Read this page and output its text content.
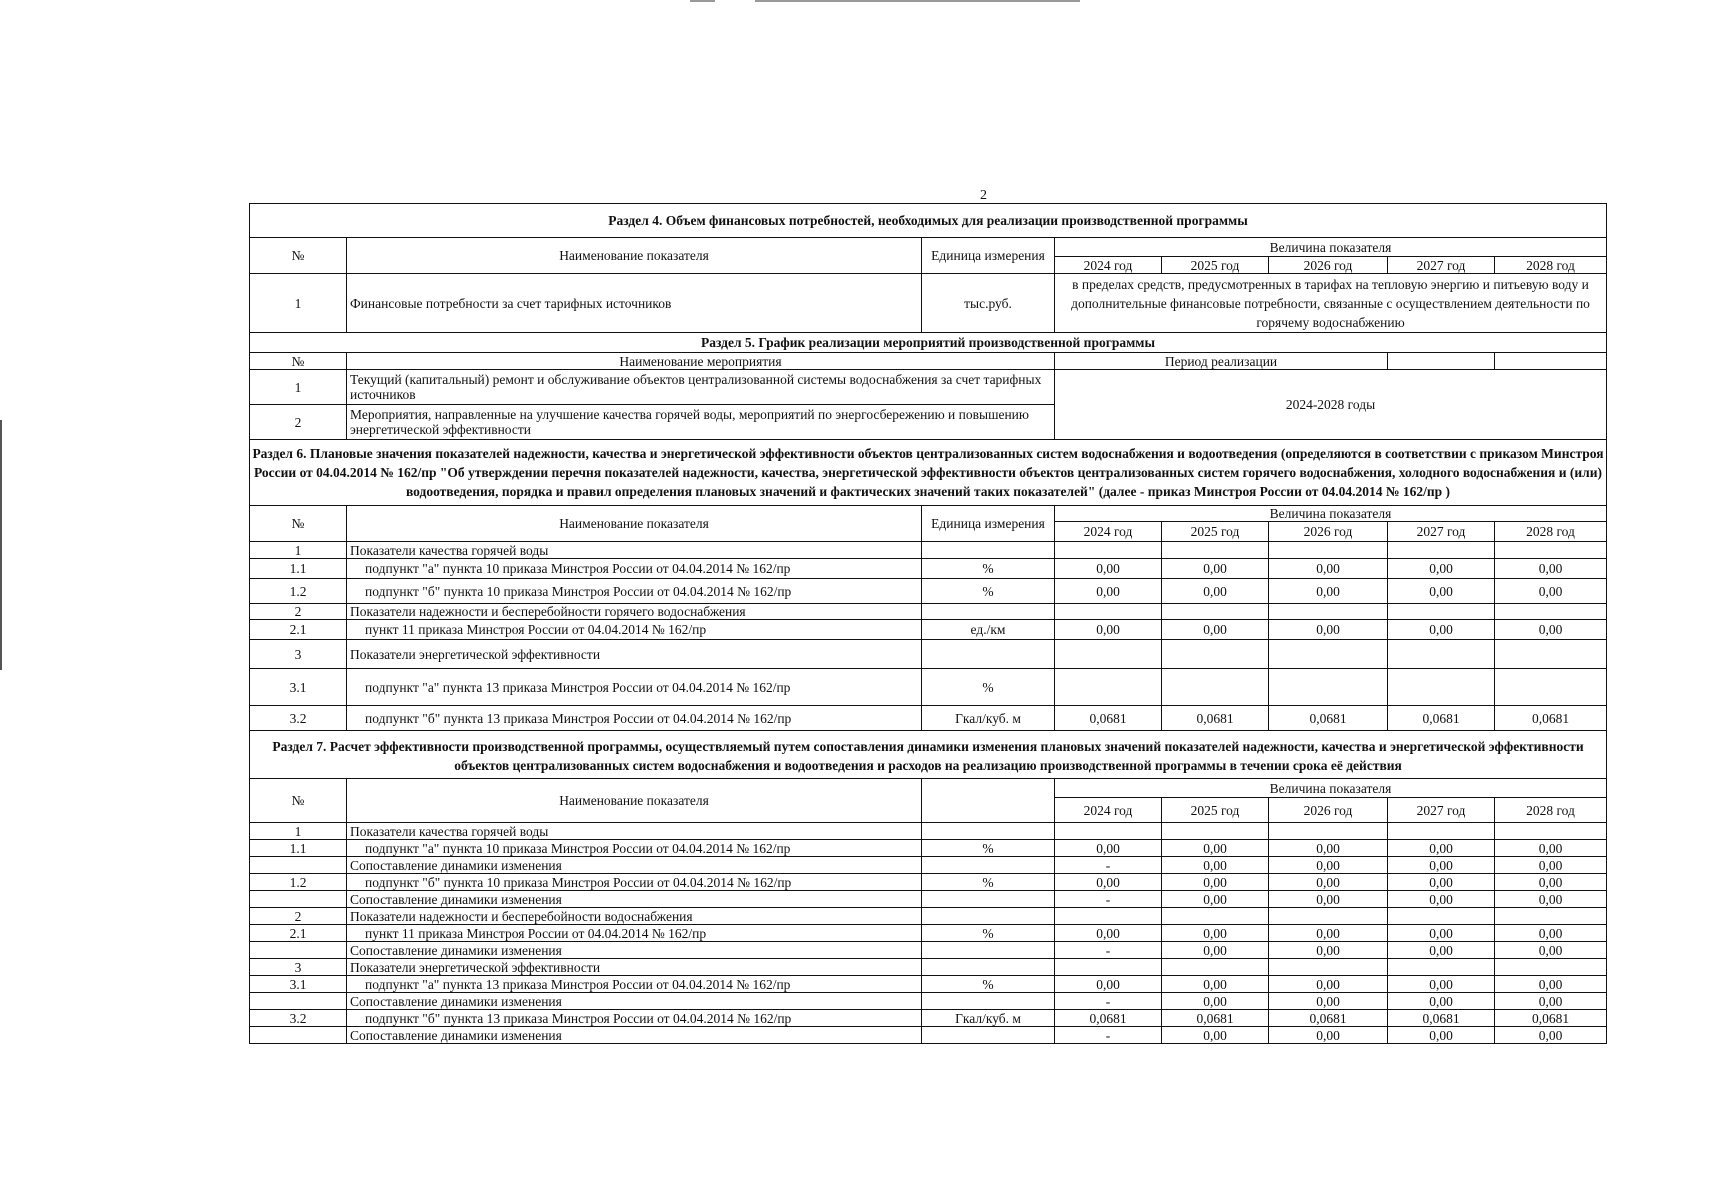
2
Раздел 4. Объем финансовых потребностей, необходимых для реализации производственной программы							
№	Наименование показателя	Единица измерения	Величина показателя				
			2024 год	2025 год	2026 год	2027 год	2028 год
1	Финансовые потребности за счет тарифных источников	тыс.руб.	в пределах средств, предусмотренных в тарифах на тепловую энергию и питьевую воду и дополнительные финансовые потребности, связанные с осуществлением деятельности по горячему водоснабжению				
Раздел 5. График реализации мероприятий производственной программы							
№	Наименование мероприятия		Период реализации				
1	Текущий (капитальный) ремонт и обслуживание объектов централизованной системы водоснабжения за счет тарифных источников		2024-2028 годы				
2	Мероприятия, направленные на улучшение качества горячей воды, мероприятий по энергосбережению и повышению энергетической эффективности						
Раздел 6. Плановые значения показателей надежности, качества и энергетической эффективности объектов централизованных систем водоснабжения и водоотведения (определяются в соответствии с приказом Минстроя России от 04.04.2014 № 162/пр "Об утверждении перечня показателей надежности, качества, энергетической эффективности объектов централизованных систем горячего водоснабжения, холодного водоснабжения и (или) водоотведения, порядка и правил определения плановых значений и фактических значений таких показателей" (далее - приказ Минстроя России от 04.04.2014 № 162/пр )							
№	Наименование показателя	Единица измерения	Величина показателя				
			2024 год	2025 год	2026 год	2027 год	2028 год
1	Показатели качества горячей воды						
1.1	подпункт "а" пункта 10 приказа Минстроя России от 04.04.2014 № 162/пр	%	0,00	0,00	0,00	0,00	0,00
1.2	подпункт "б" пункта 10 приказа Минстроя России от 04.04.2014 № 162/пр	%	0,00	0,00	0,00	0,00	0,00
2	Показатели надежности и бесперебойности горячего водоснабжения						
2.1	пункт 11 приказа Минстроя России от 04.04.2014 № 162/пр	ед./км	0,00	0,00	0,00	0,00	0,00
3	Показатели энергетической эффективности						
3.1	подпункт "а" пункта 13 приказа Минстроя России от 04.04.2014 № 162/пр	%					
3.2	подпункт "б" пункта 13 приказа Минстроя России от 04.04.2014 № 162/пр	Гкал/куб. м	0,0681	0,0681	0,0681	0,0681	0,0681
Раздел 7. Расчет эффективности производственной программы, осуществляемый путем сопоставления динамики изменения плановых значений показателей надежности, качества и энергетической эффективности объектов централизованных систем водоснабжения и водоотведения и расходов на реализацию производственной программы в течении срока её действия							
№	Наименование показателя		Величина показателя				
			2024 год	2025 год	2026 год	2027 год	2028 год
1	Показатели качества горячей воды						
1.1	подпункт "а" пункта 10 приказа Минстроя России от 04.04.2014 № 162/пр	%	0,00	0,00	0,00	0,00	0,00
	Сопоставление динамики изменения		-	0,00	0,00	0,00	0,00
1.2	подпункт "б" пункта 10 приказа Минстроя России от 04.04.2014 № 162/пр	%	0,00	0,00	0,00	0,00	0,00
	Сопоставление динамики изменения		-	0,00	0,00	0,00	0,00
2	Показатели надежности и бесперебойности водоснабжения						
2.1	пункт 11 приказа Минстроя России от 04.04.2014 № 162/пр	%	0,00	0,00	0,00	0,00	0,00
	Сопоставление динамики изменения		-	0,00	0,00	0,00	0,00
3	Показатели энергетической эффективности						
3.1	подпункт "а" пункта 13 приказа Минстроя России от 04.04.2014 № 162/пр	%	0,00	0,00	0,00	0,00	0,00
	Сопоставление динамики изменения		-	0,00	0,00	0,00	0,00
3.2	подпункт "б" пункта 13 приказа Минстроя России от 04.04.2014 № 162/пр	Гкал/куб. м	0,0681	0,0681	0,0681	0,0681	0,0681
	Сопоставление динамики изменения		-	0,00	0,00	0,00	0,00
